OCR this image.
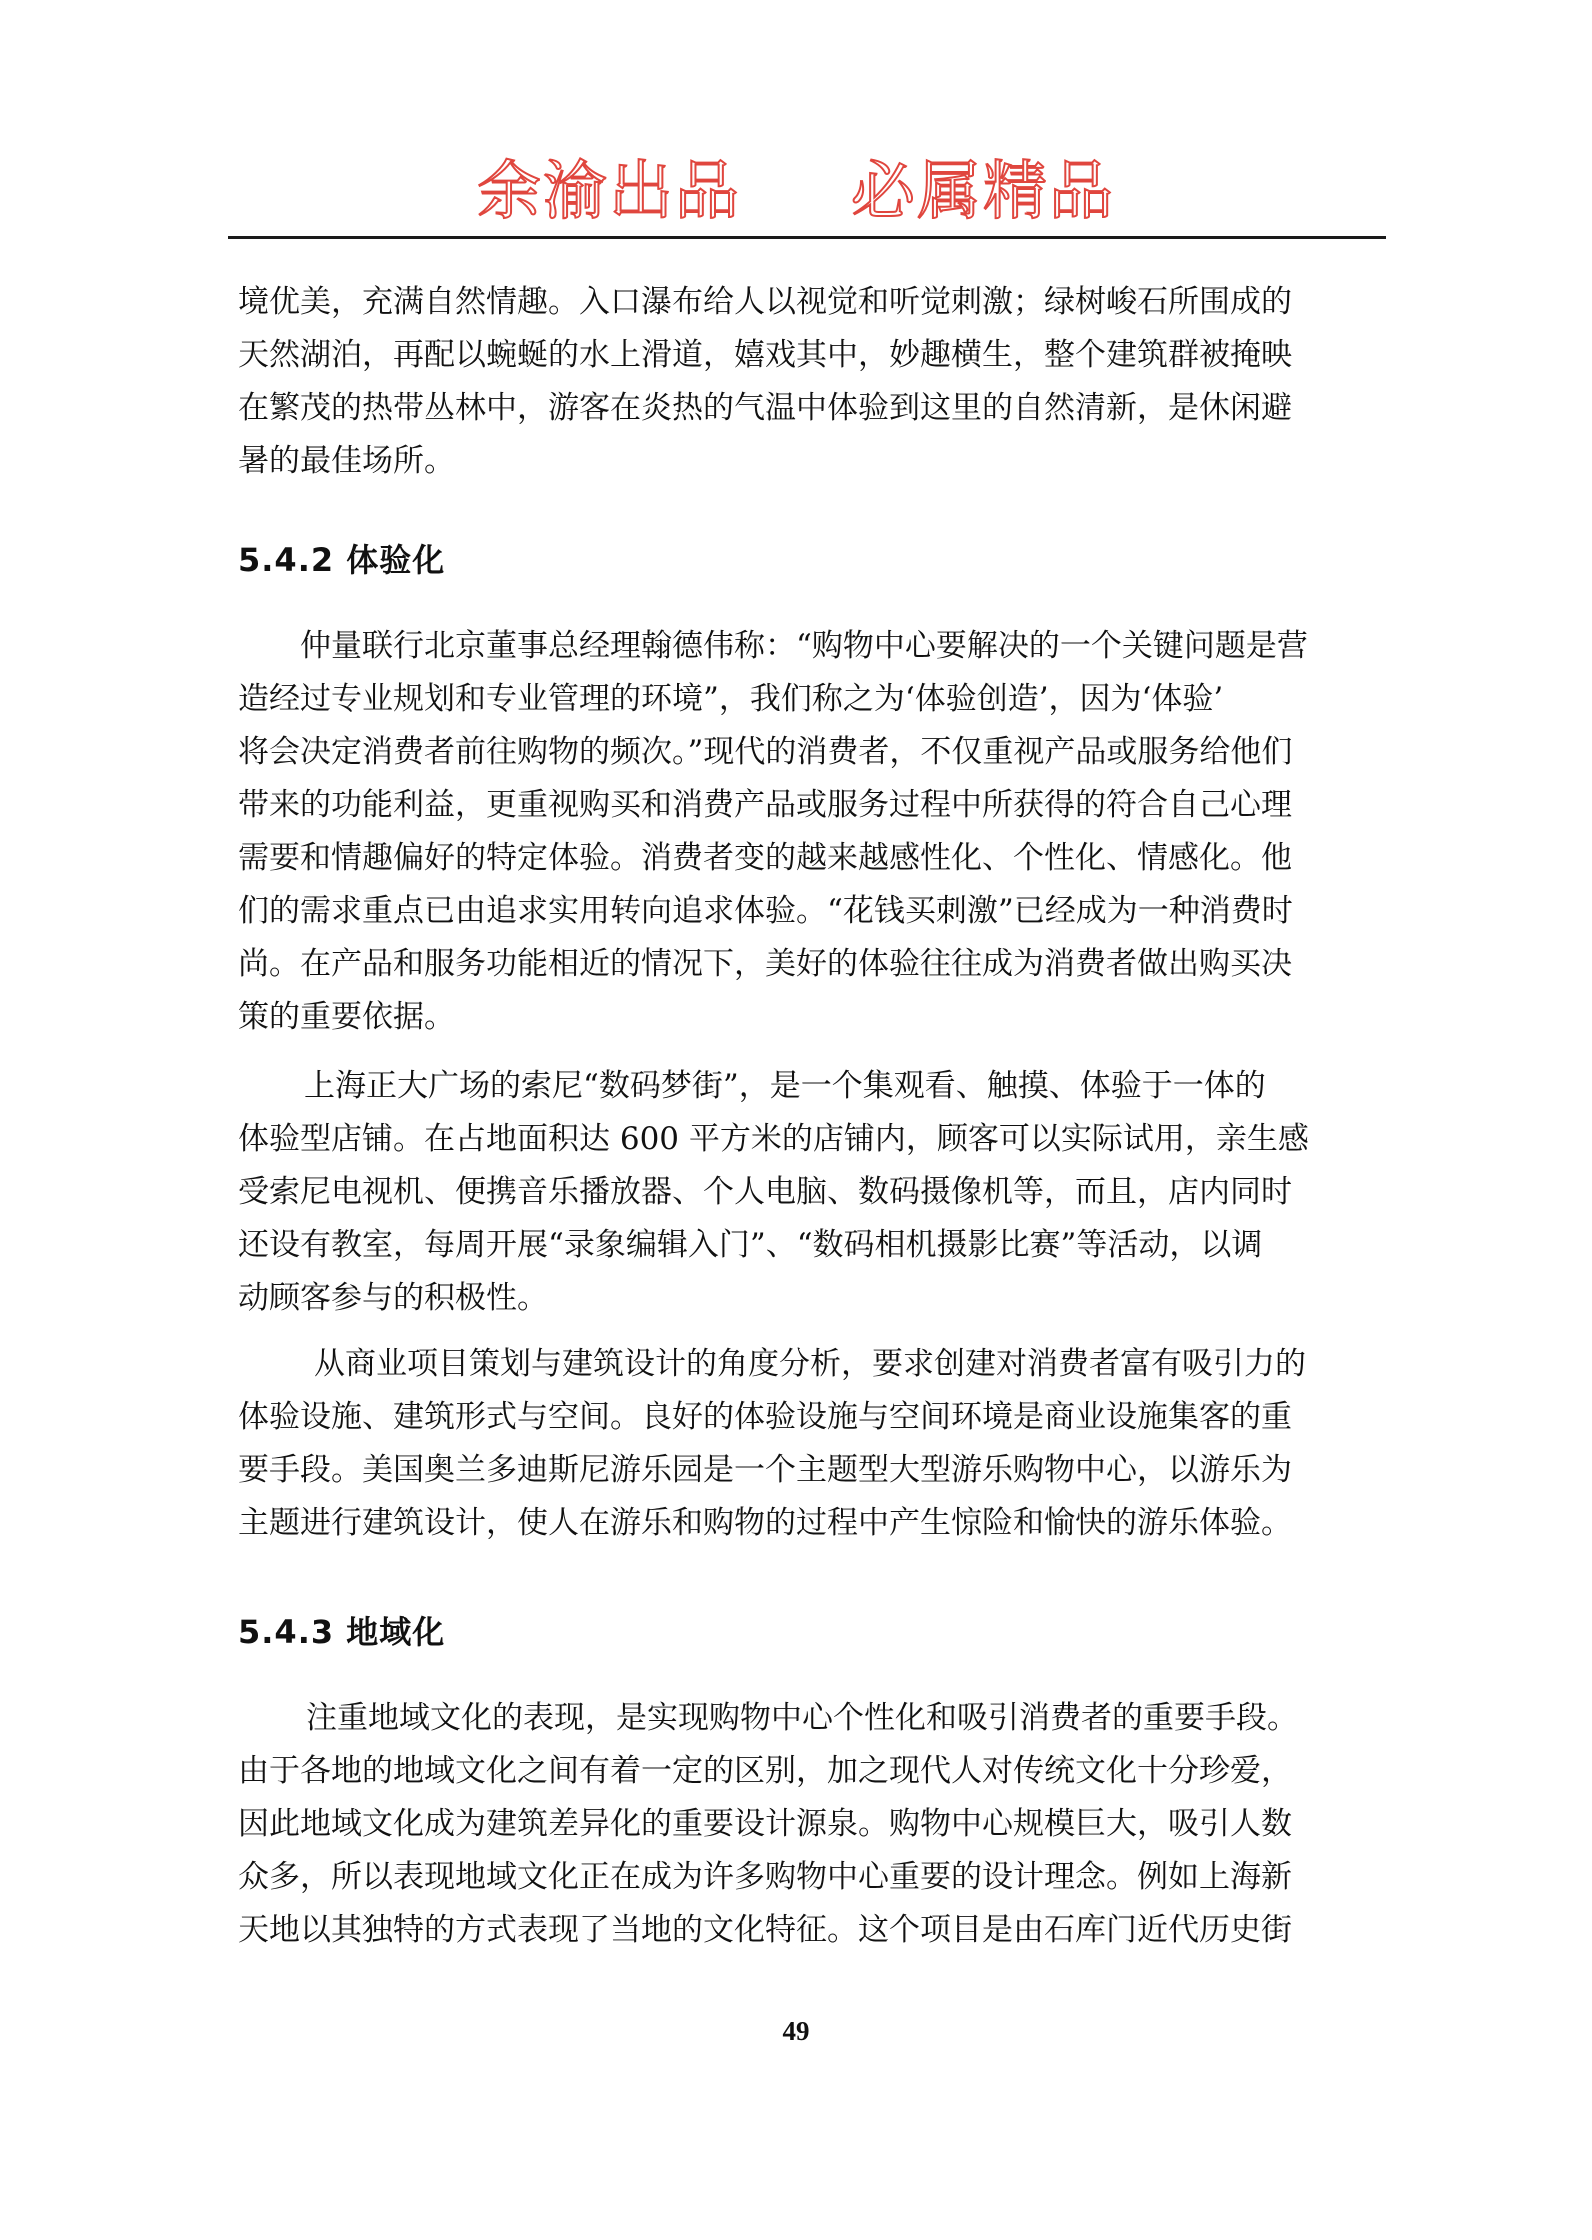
余渝出品 必属精品
境优美，充满自然情趣。入口瀑布给人以视觉和听觉刺激；绿树峻石所围成的
天然湖泊，再配以蜿蜒的水上滑道，嬉戏其中，妙趣横生，整个建筑群被掩映
在繁茂的热带丛林中，游客在炎热的气温中体验到这里的自然清新，是休闲避
暑的最佳场所。
5.4.2 体验化
仲量联行北京董事总经理翰德伟称：“购物中心要解决的一个关键问题是营
造经过专业规划和专业管理的环境”，我们称之为‘体验创造’，因为‘体验’
将会决定消费者前往购物的频次。”现代的消费者，不仅重视产品或服务给他们
带来的功能利益，更重视购买和消费产品或服务过程中所获得的符合自己心理
需要和情趣偏好的特定体验。消费者变的越来越感性化、个性化、情感化。他
们的需求重点已由追求实用转向追求体验。“花钱买刺激”已经成为一种消费时
尚。在产品和服务功能相近的情况下，美好的体验往往成为消费者做出购买决
策的重要依据。
上海正大广场的索尼“数码梦街”，是一个集观看、触摸、体验于一体的
体验型店铺。在占地面积达 600 平方米的店铺内，顾客可以实际试用，亲生感
受索尼电视机、便携音乐播放器、个人电脑、数码摄像机等，而且，店内同时
还设有教室，每周开展“录象编辑入门”、“数码相机摄影比赛”等活动，以调
动顾客参与的积极性。
从商业项目策划与建筑设计的角度分析，要求创建对消费者富有吸引力的
体验设施、建筑形式与空间。良好的体验设施与空间环境是商业设施集客的重
要手段。美国奥兰多迪斯尼游乐园是一个主题型大型游乐购物中心，以游乐为
主题进行建筑设计，使人在游乐和购物的过程中产生惊险和愉快的游乐体验。
5.4.3 地域化
注重地域文化的表现，是实现购物中心个性化和吸引消费者的重要手段。
由于各地的地域文化之间有着一定的区别，加之现代人对传统文化十分珍爱，
因此地域文化成为建筑差异化的重要设计源泉。购物中心规模巨大，吸引人数
众多，所以表现地域文化正在成为许多购物中心重要的设计理念。例如上海新
天地以其独特的方式表现了当地的文化特征。这个项目是由石库门近代历史街
49
